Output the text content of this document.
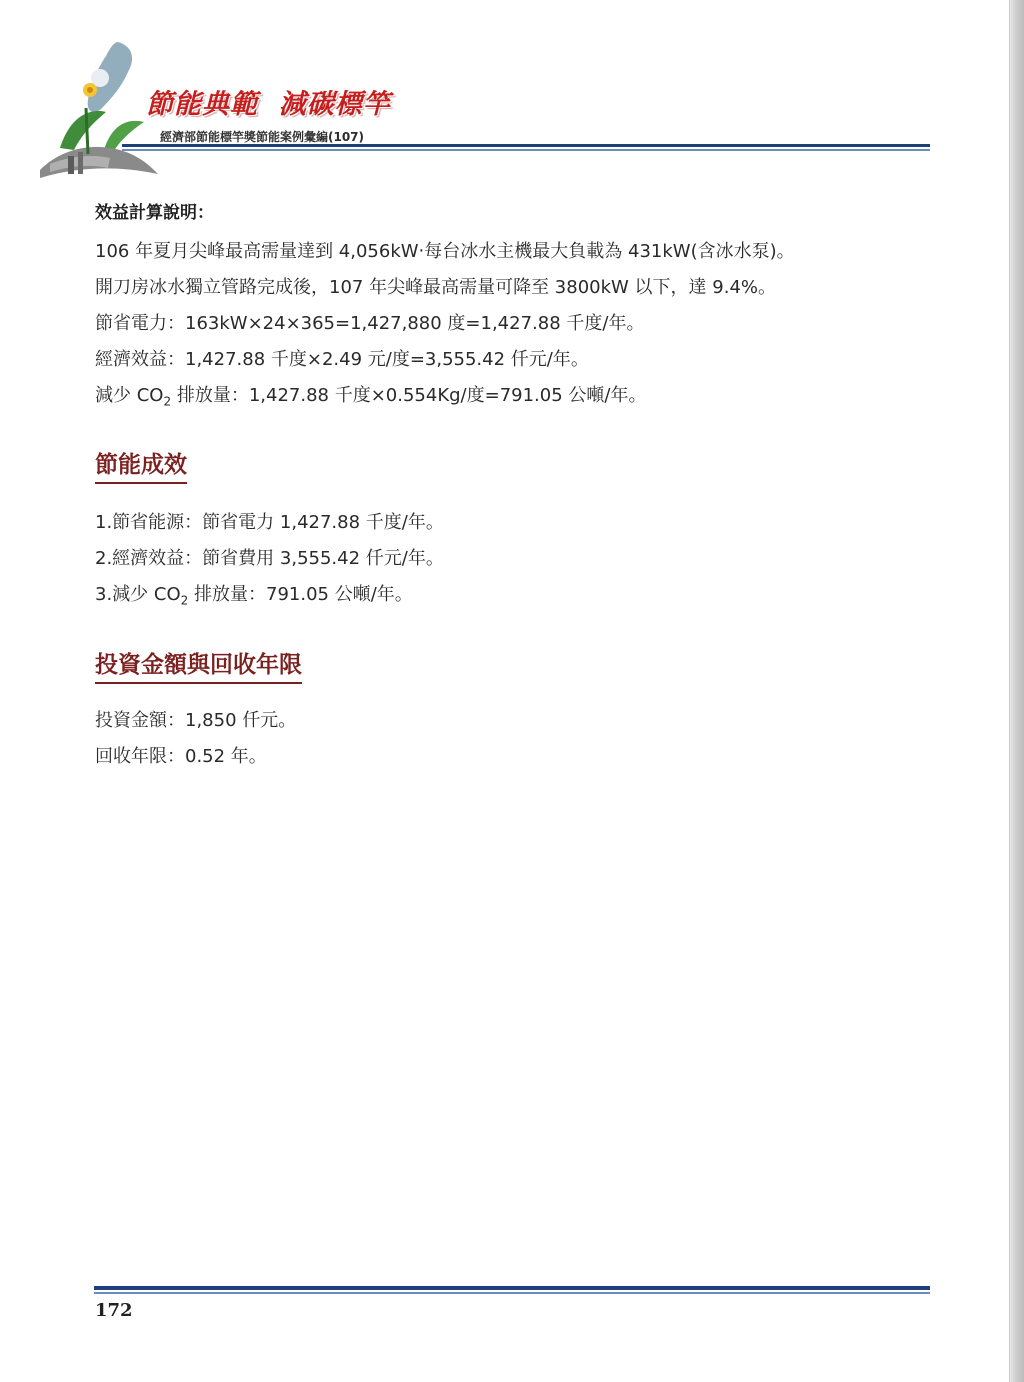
節能典範  減碳標竿
經濟部節能標竿獎節能案例彙編(107)
效益計算說明：
106 年夏月尖峰最高需量達到 4,056kW‧每台冰水主機最大負載為 431kW(含冰水泵)。
開刀房冰水獨立管路完成後，107 年尖峰最高需量可降至 3800kW 以下，達 9.4%。
節省電力：163kW×24×365=1,427,880 度=1,427.88 千度/年。
經濟效益：1,427.88 千度×2.49 元/度=3,555.42 仟元/年。
減少 $CO_2$ 排放量：1,427.88 千度×0.554Kg/度=791.05 公噸/年。
節能成效
1.節省能源：節省電力 1,427.88 千度/年。
2.經濟效益：節省費用 3,555.42 仟元/年。
3.減少 $CO_2$ 排放量：791.05 公噸/年。
投資金額與回收年限
投資金額：1,850 仟元。
回收年限：0.52 年。
172
